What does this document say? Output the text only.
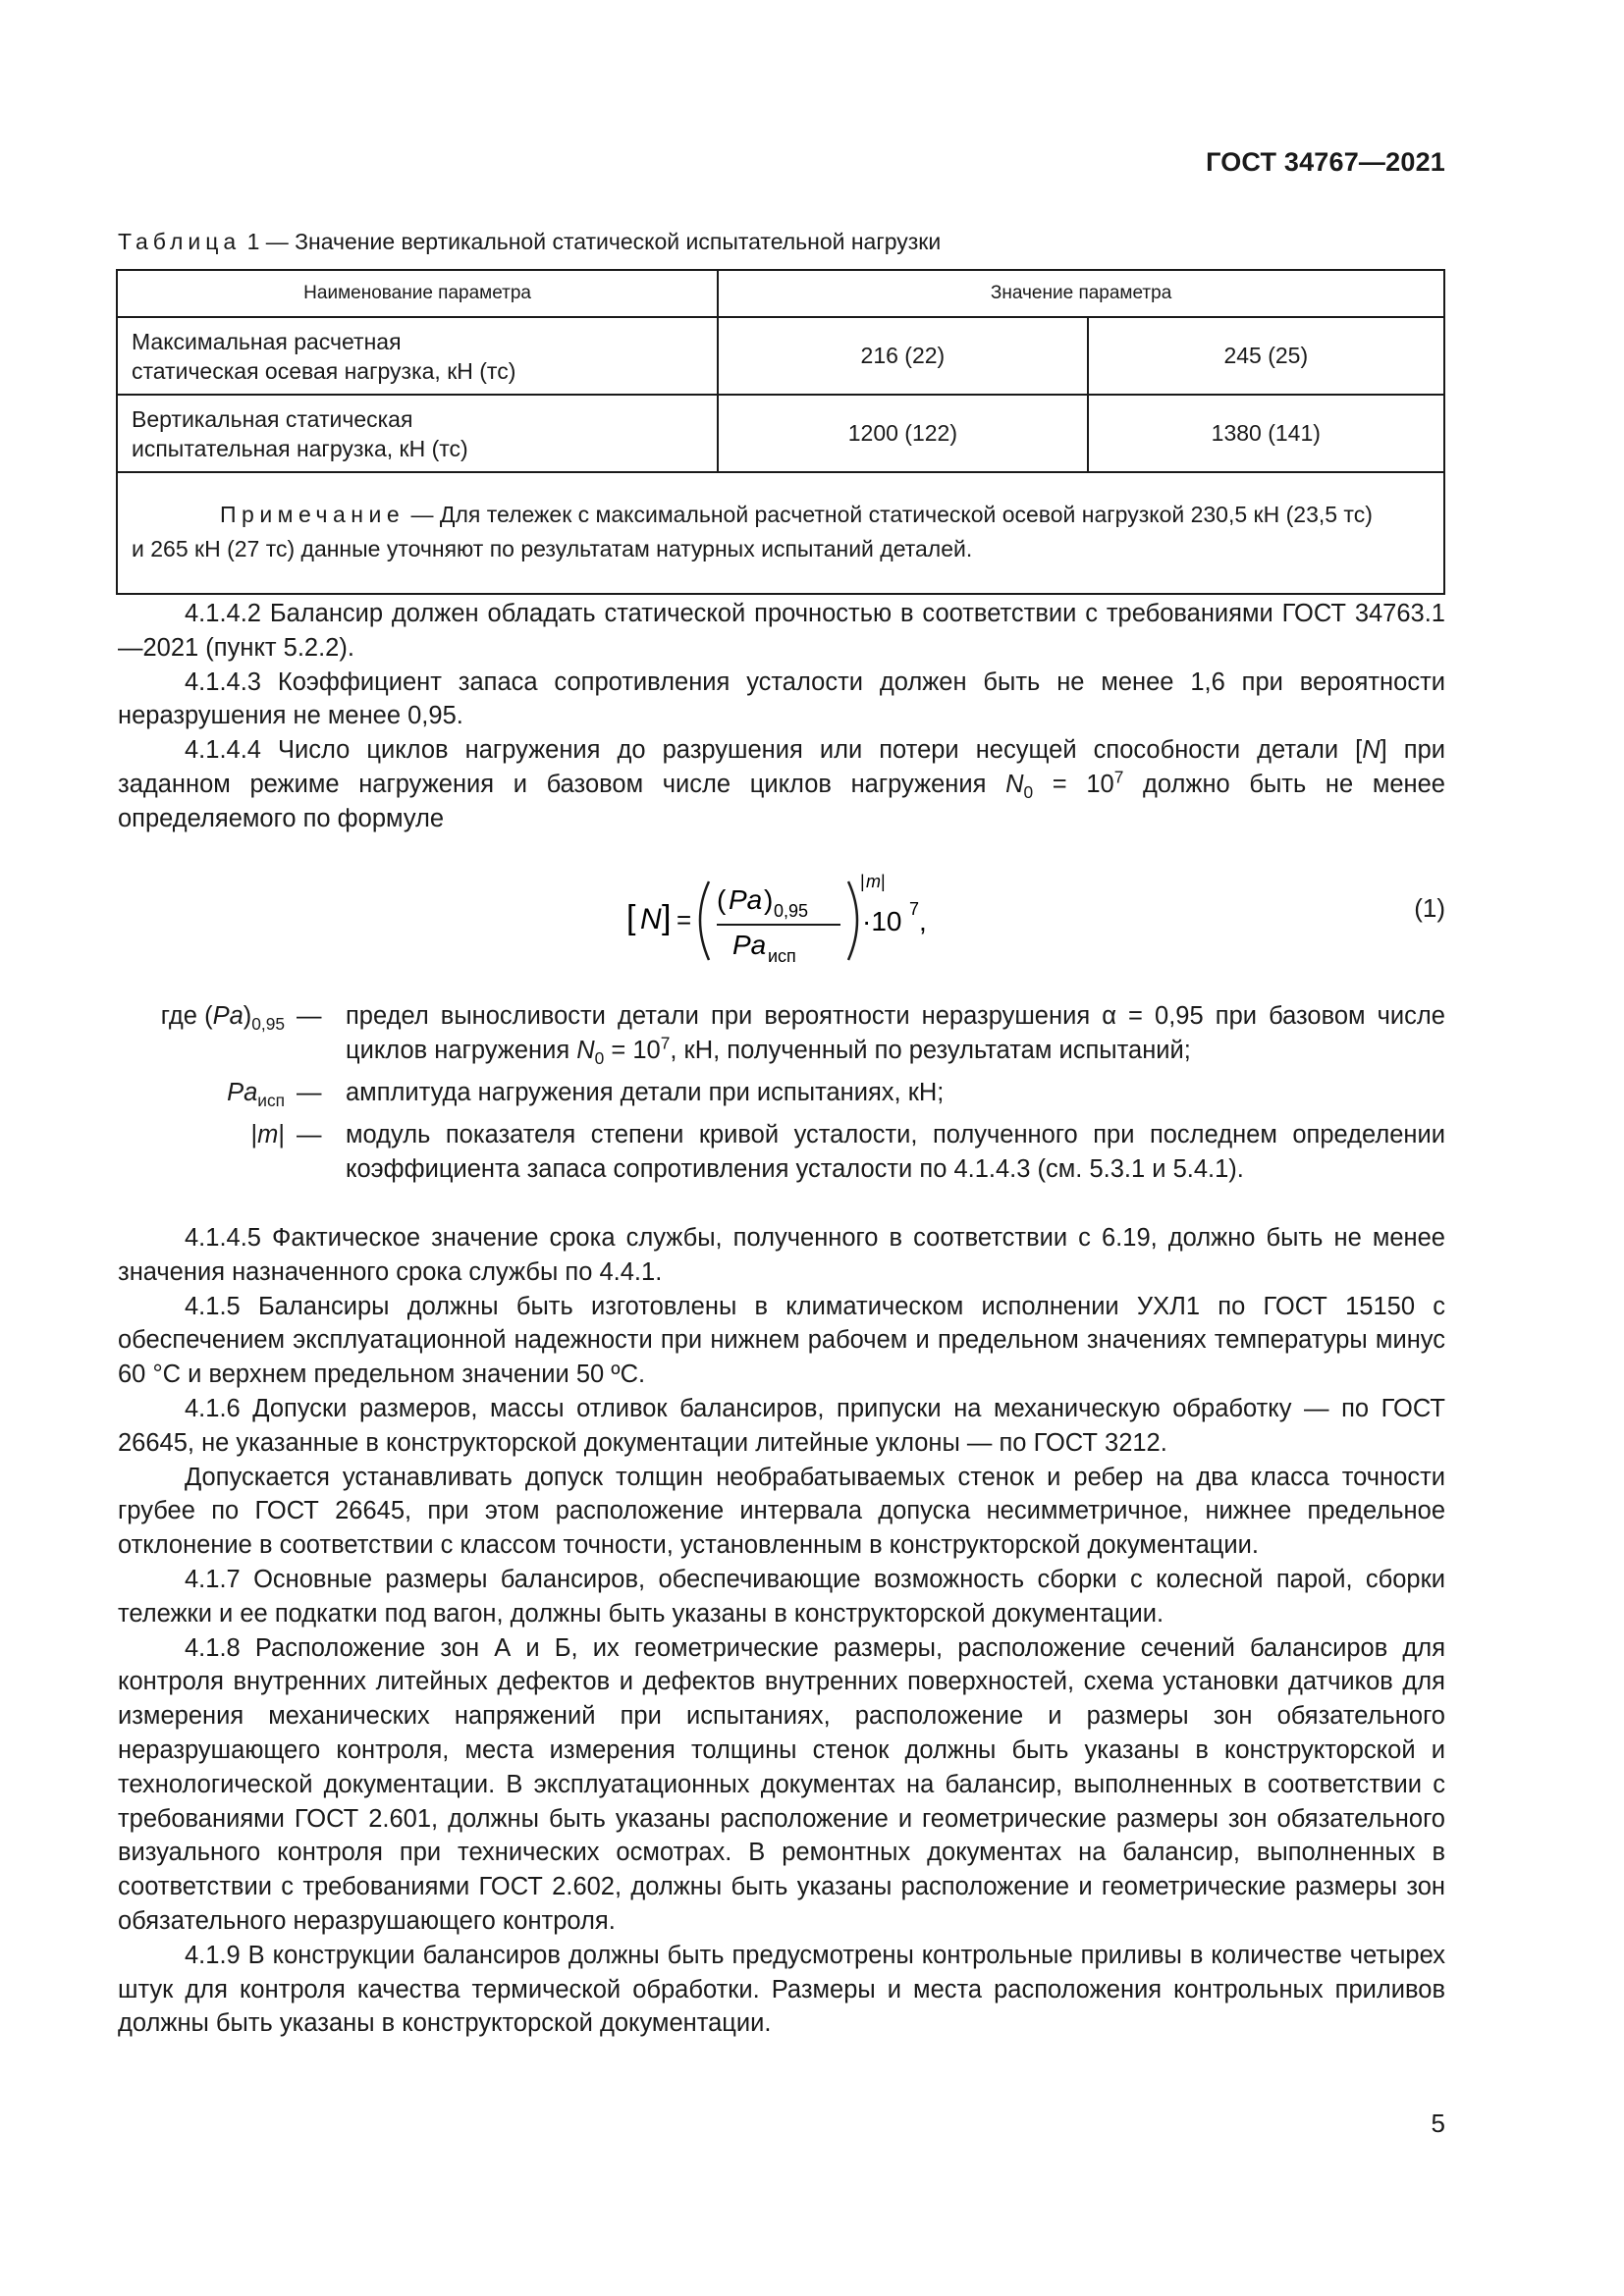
ГОСТ 34767—2021
Таблица 1 — Значение вертикальной статической испытательной нагрузки
Наименование параметра	Значение параметра	
Максимальная расчетная
статическая осевая нагрузка, кН (тс)	216 (22)	245 (25)
Вертикальная статическая
испытательная нагрузка, кН (тс)	1200 (122)	1380 (141)

Примечание — Для тележек с максимальной расчетной статической осевой нагрузкой 230,5 кН (23,5 тс)
и 265 кН (27 тс) данные уточняют по результатам натурных испытаний деталей.		

4.1.4.2 Балансир должен обладать статической прочностью в соответствии с требованиями ГОСТ 34763.1—2021 (пункт 5.2.2).

4.1.4.3 Коэффициент запаса сопротивления усталости должен быть не менее 1,6 при вероятности неразрушения не менее 0,95.

4.1.4.4 Число циклов нагружения до разрушения или потери несущей способности детали [N] при заданном режиме нагружения и базовом числе циклов нагружения $N_0 = 10^7$ должно быть не менее определяемого по формуле

[ N ] =
( Pa ) 0,95
Pa исп
| m |
·10 7 ,	(1)
где $(Pa)_{0,95}$ — предел выносливости детали при вероятности неразрушения α = 0,95 при базовом числе циклов нагружения $N_0 = 10^7$, кН, полученный по результатам испытаний;
$Pa_{исп}$ — амплитуда нагружения детали при испытаниях, кН;
|m| — модуль показателя степени кривой усталости, полученного при последнем определении коэффициента запаса сопротивления усталости по 4.1.4.3 (см. 5.3.1 и 5.4.1).

4.1.4.5 Фактическое значение срока службы, полученного в соответствии с 6.19, должно быть не менее значения назначенного срока службы по 4.4.1.

4.1.5 Балансиры должны быть изготовлены в климатическом исполнении УХЛ1 по ГОСТ 15150 с обеспечением эксплуатационной надежности при нижнем рабочем и предельном значениях температуры минус 60 °С и верхнем предельном значении 50 ºС.

4.1.6 Допуски размеров, массы отливок балансиров, припуски на механическую обработку — по ГОСТ 26645, не указанные в конструкторской документации литейные уклоны — по ГОСТ 3212.

Допускается устанавливать допуск толщин необрабатываемых стенок и ребер на два класса точности грубее по ГОСТ 26645, при этом расположение интервала допуска несимметричное, нижнее предельное отклонение в соответствии с классом точности, установленным в конструкторской документации.

4.1.7 Основные размеры балансиров, обеспечивающие возможность сборки с колесной парой, сборки тележки и ее подкатки под вагон, должны быть указаны в конструкторской документации.

4.1.8 Расположение зон А и Б, их геометрические размеры, расположение сечений балансиров для контроля внутренних литейных дефектов и дефектов внутренних поверхностей, схема установки датчиков для измерения механических напряжений при испытаниях, расположение и размеры зон обязательного неразрушающего контроля, места измерения толщины стенок должны быть указаны в конструкторской и технологической документации. В эксплуатационных документах на балансир, выполненных в соответствии с требованиями ГОСТ 2.601, должны быть указаны расположение и геометрические размеры зон обязательного визуального контроля при технических осмотрах. В ремонтных документах на балансир, выполненных в соответствии с требованиями ГОСТ 2.602, должны быть указаны расположение и геометрические размеры зон обязательного неразрушающего контроля.

4.1.9 В конструкции балансиров должны быть предусмотрены контрольные приливы в количестве четырех штук для контроля качества термической обработки. Размеры и места расположения контрольных приливов должны быть указаны в конструкторской документации.

5
